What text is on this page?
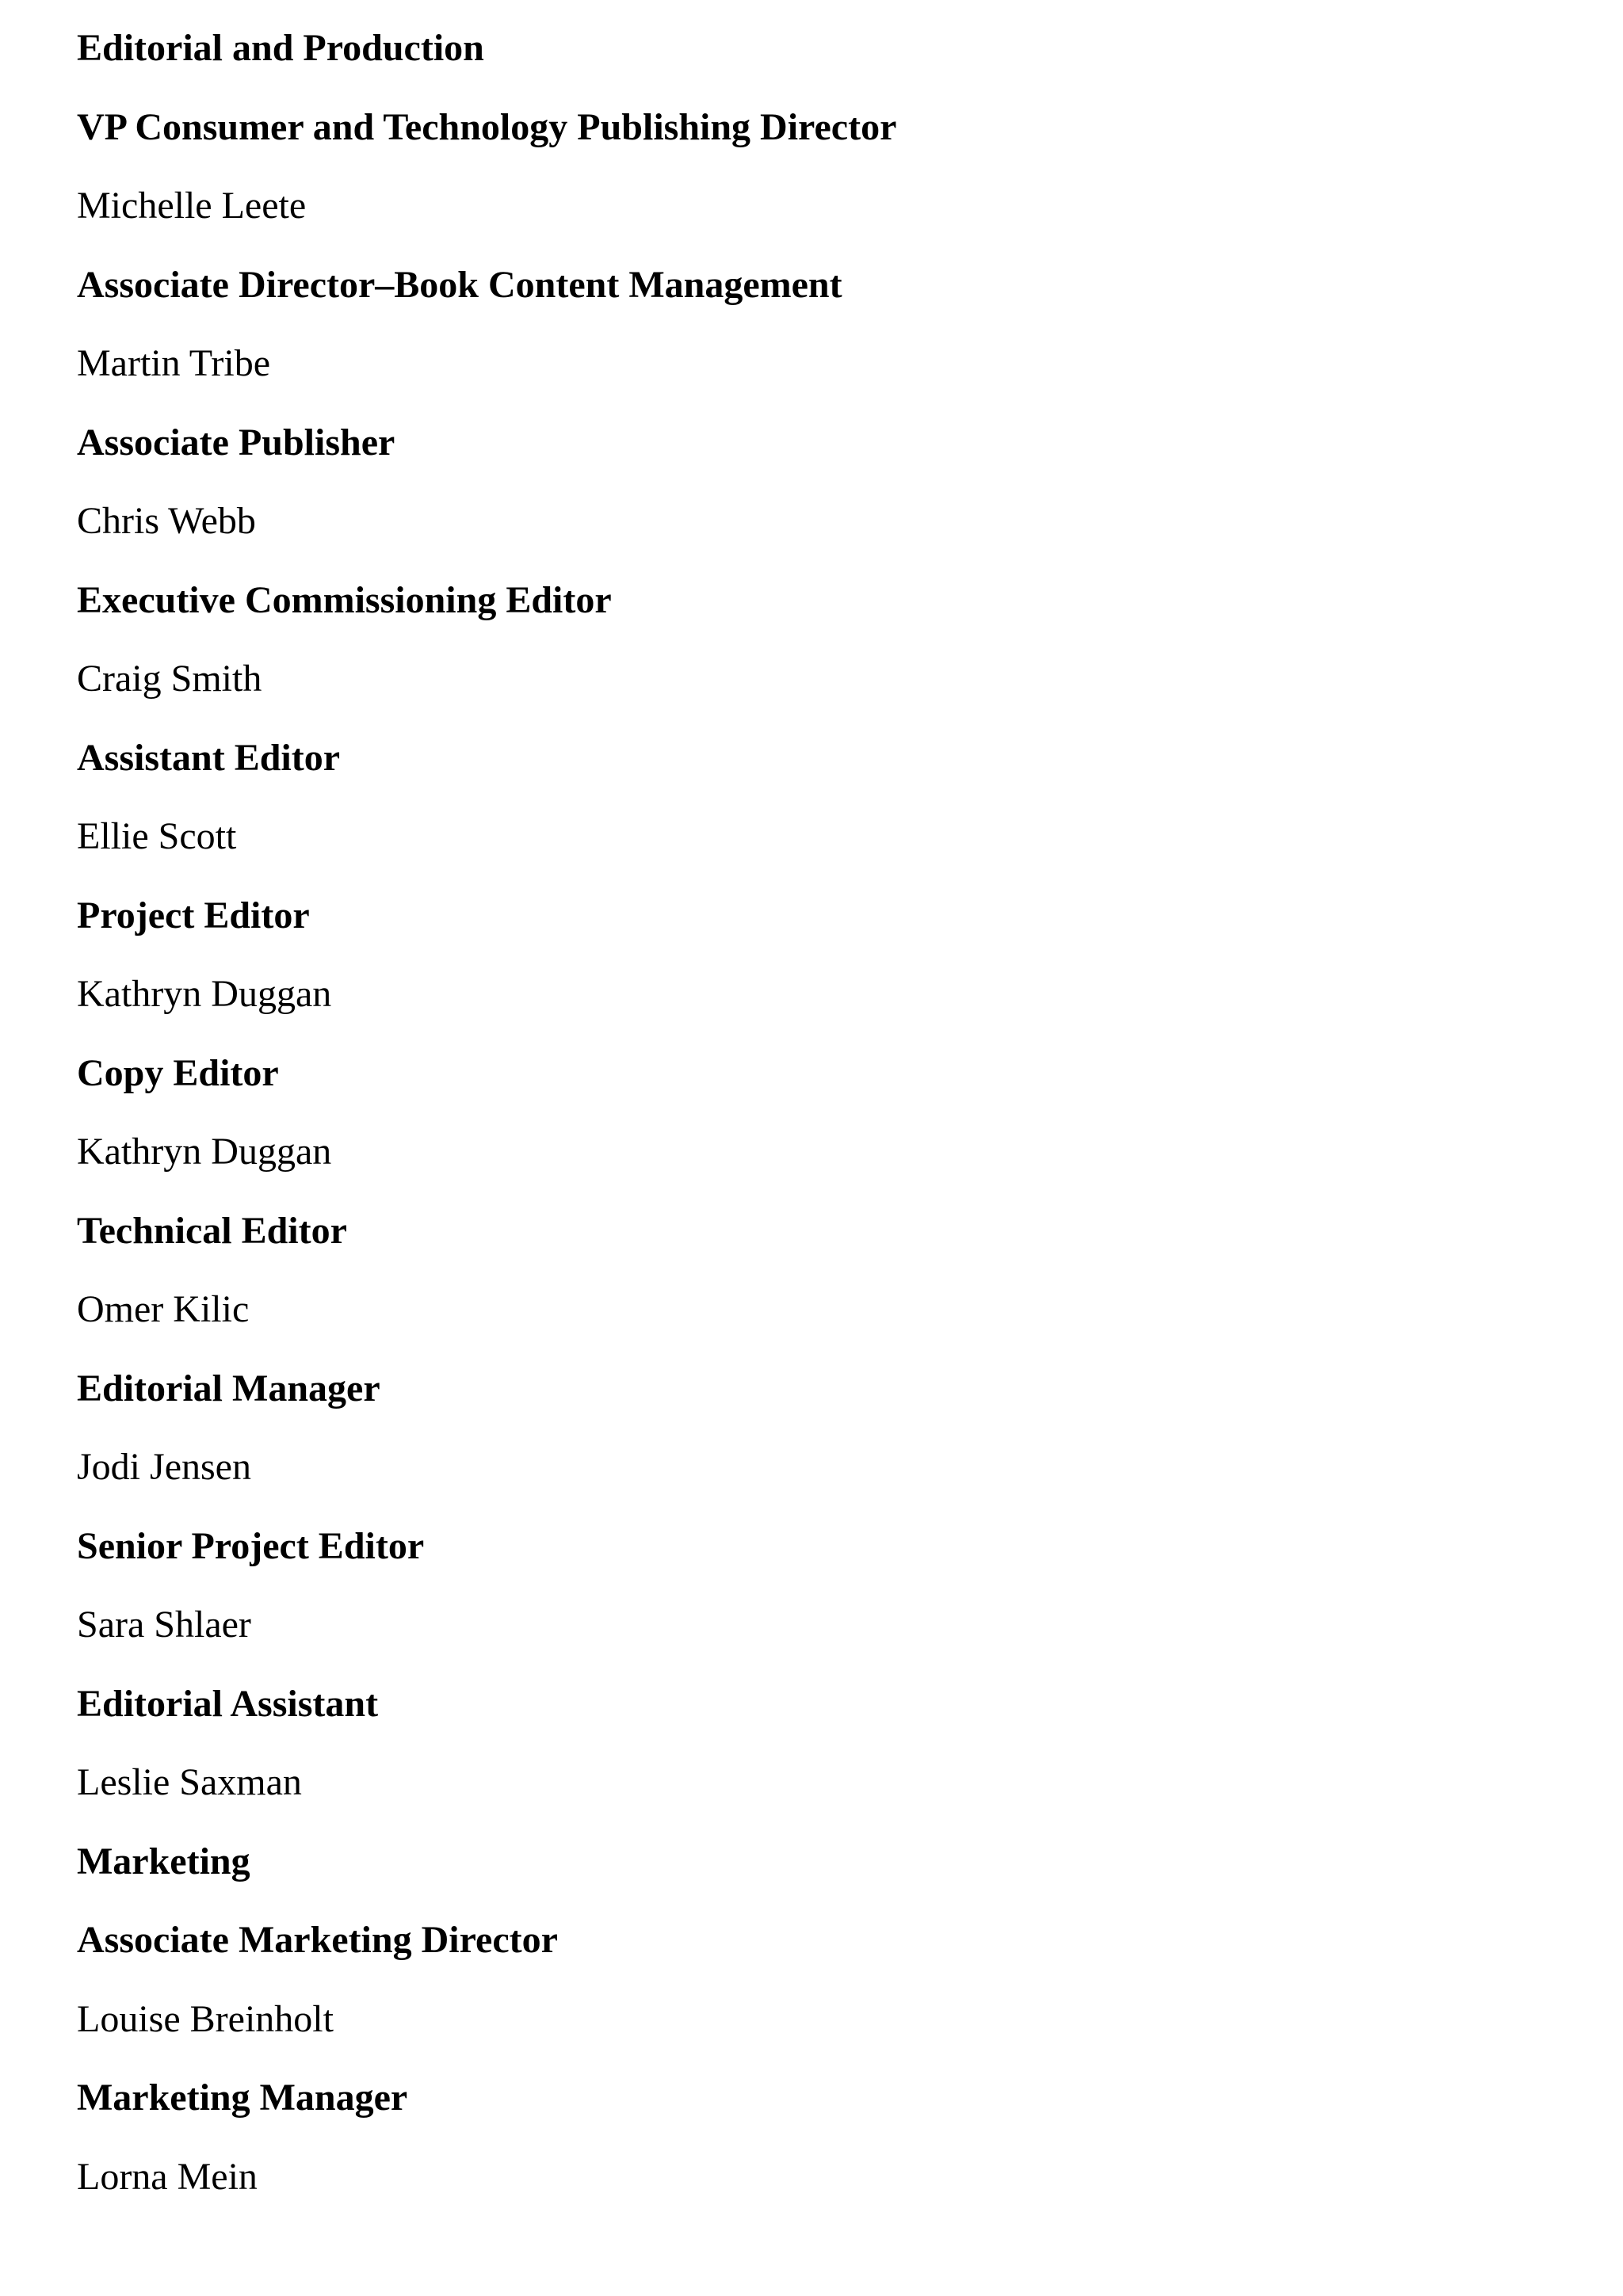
Editorial and Production
VP Consumer and Technology Publishing Director
Michelle Leete
Associate Director–Book Content Management
Martin Tribe
Associate Publisher
Chris Webb
Executive Commissioning Editor
Craig Smith
Assistant Editor
Ellie Scott
Project Editor
Kathryn Duggan
Copy Editor
Kathryn Duggan
Technical Editor
Omer Kilic
Editorial Manager
Jodi Jensen
Senior Project Editor
Sara Shlaer
Editorial Assistant
Leslie Saxman
Marketing
Associate Marketing Director
Louise Breinholt
Marketing Manager
Lorna Mein
